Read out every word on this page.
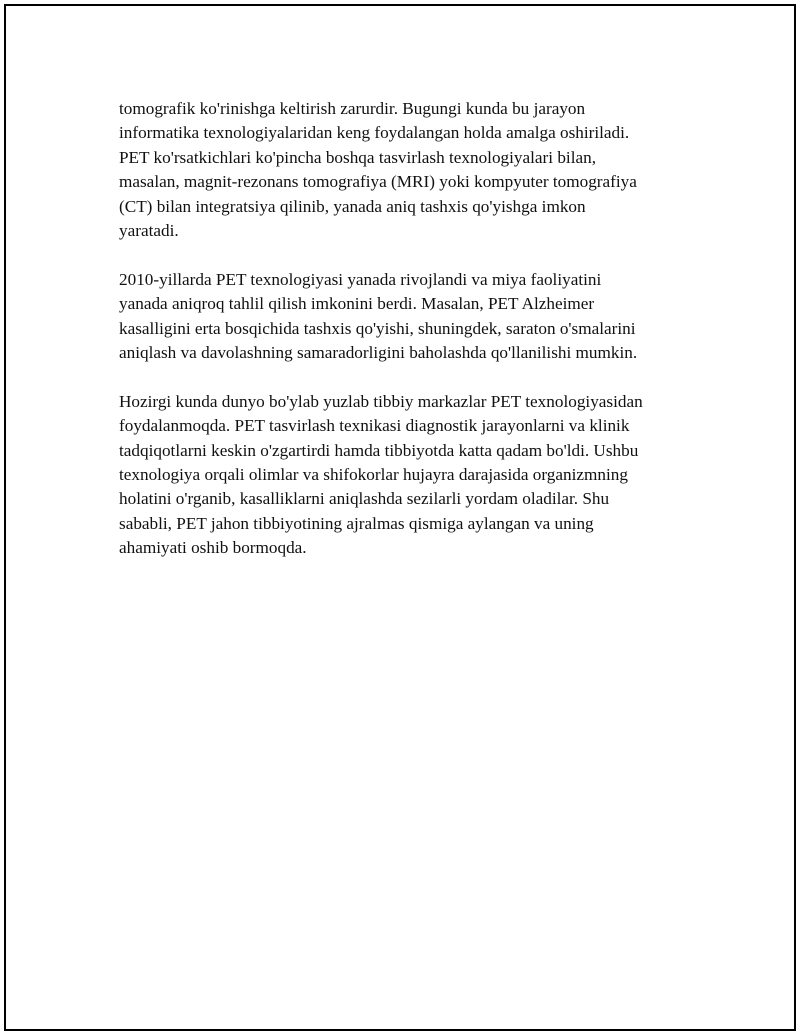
tomografik ko'rinishga keltirish zarurdir. Bugungi kunda bu jarayon
informatika texnologiyalaridan keng foydalangan holda amalga oshiriladi.
PET ko'rsatkichlari ko'pincha boshqa tasvirlash texnologiyalari bilan,
masalan, magnit-rezonans tomografiya (MRI) yoki kompyuter tomografiya
(CT) bilan integratsiya qilinib, yanada aniq tashxis qo'yishga imkon
yaratadi.

2010-yillarda PET texnologiyasi yanada rivojlandi va miya faoliyatini
yanada aniqroq tahlil qilish imkonini berdi. Masalan, PET Alzheimer
kasalligini erta bosqichida tashxis qo'yishi, shuningdek, saraton o'smalarini
aniqlash va davolashning samaradorligini baholashda qo'llanilishi mumkin.

Hozirgi kunda dunyo bo'ylab yuzlab tibbiy markazlar PET texnologiyasidan
foydalanmoqda. PET tasvirlash texnikasi diagnostik jarayonlarni va klinik
tadqiqotlarni keskin o'zgartirdi hamda tibbiyotda katta qadam bo'ldi. Ushbu
texnologiya orqali olimlar va shifokorlar hujayra darajasida organizmning
holatini o'rganib, kasalliklarni aniqlashda sezilarli yordam oladilar. Shu
sababli, PET jahon tibbiyotining ajralmas qismiga aylangan va uning
ahamiyati oshib bormoqda.
